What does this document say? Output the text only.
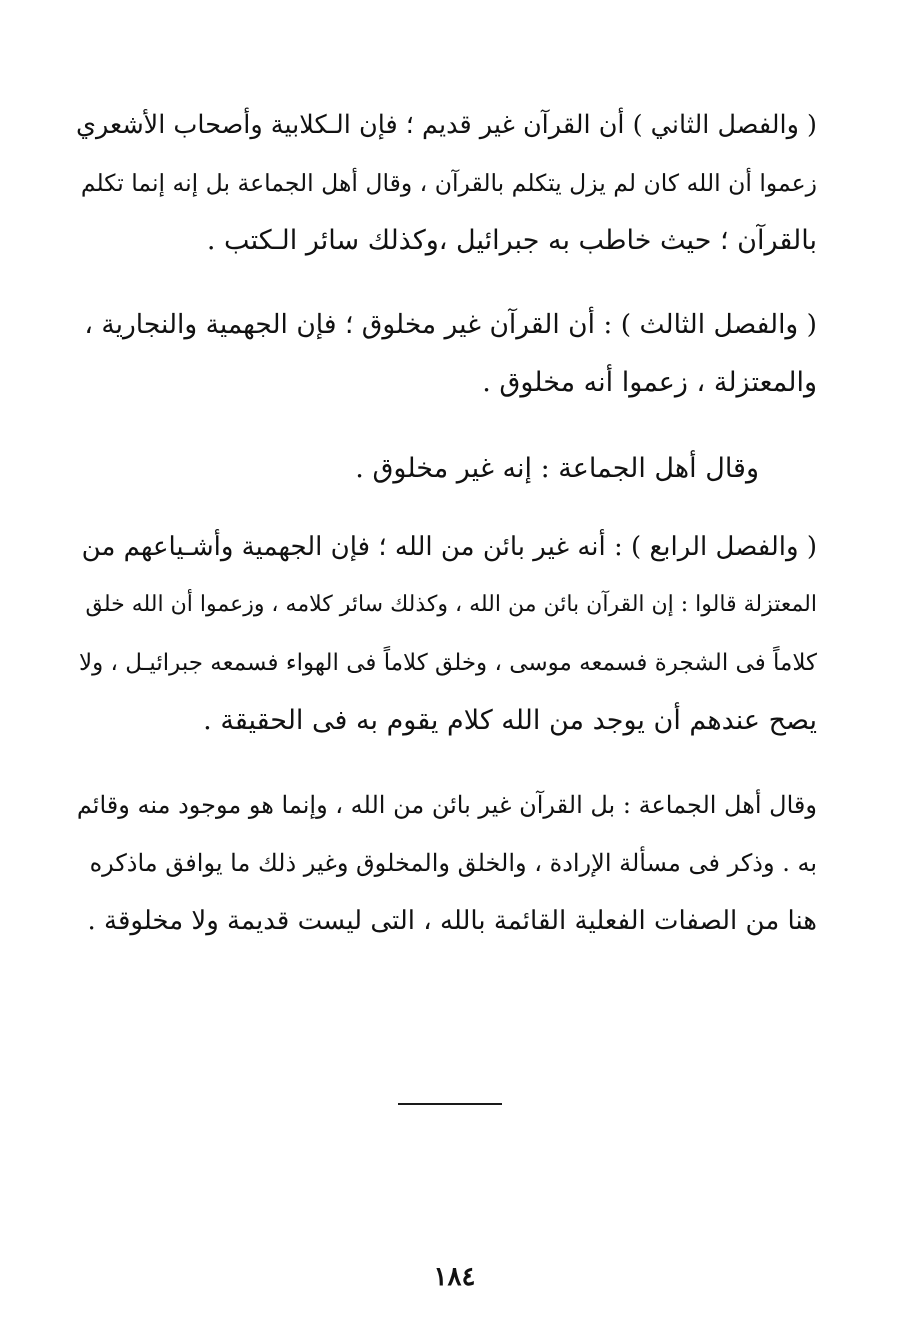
( والفصل الثاني ) أن القرآن غير قديم ؛ فإن الـكلابية وأصحاب الأشعري
زعموا أن الله كان لم يزل يتكلم بالقرآن ، وقال أهل الجماعة بل إنه إنما تكلم
بالقرآن ؛ حيث خاطب به جبرائيل ،وكذلك سائر الـكتب .
( والفصل الثالث ) : أن القرآن غير مخلوق ؛ فإن الجهمية والنجارية ،
والمعتزلة ، زعموا أنه مخلوق .
وقال أهل الجماعة : إنه غير مخلوق .
( والفصل الرابع ) : أنه غير بائن من الله ؛ فإن الجهمية وأشـياعهم من
المعتزلة قالوا : إن القرآن بائن من الله ، وكذلك سائر كلامه ، وزعموا أن الله خلق
كلاماً فى الشجرة فسمعه موسى ، وخلق كلاماً فى الهواء فسمعه جبرائيـل ، ولا
يصح عندهم أن يوجد من الله كلام يقوم به فى الحقيقة .
وقال أهل الجماعة : بل القرآن غير بائن من الله ، وإنما هو موجود منه وقائم
به . وذكر فى مسألة الإرادة ، والخلق والمخلوق وغير ذلك ما يوافق ماذكره
هنا من الصفات الفعلية القائمة بالله ، التى ليست قديمة ولا مخلوقة .
١٨٤
